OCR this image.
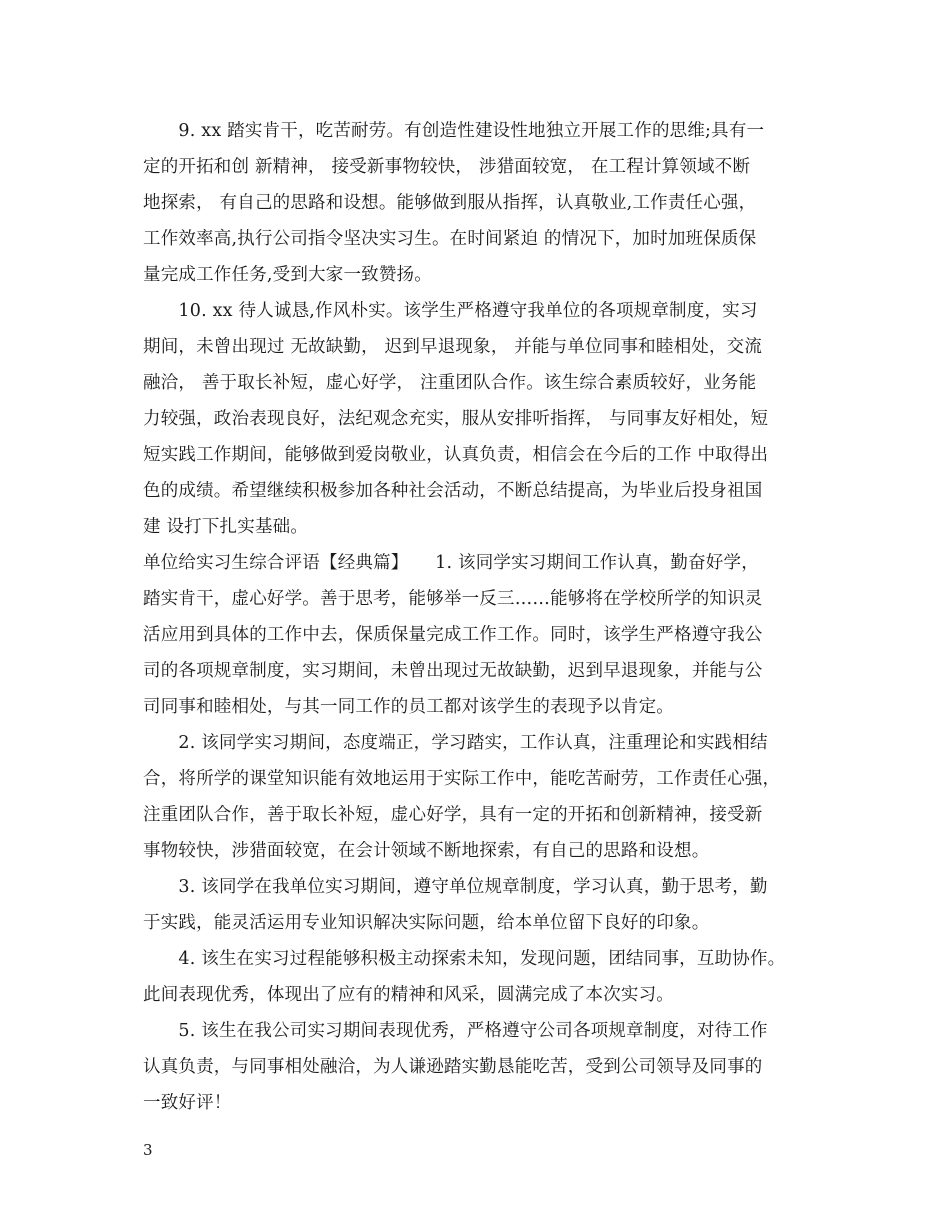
　　9. xx 踏实肯干，吃苦耐劳。有创造性建设性地独立开展工作的思维;具有一
定的开拓和创 新精神， 接受新事物较快， 涉猎面较宽， 在工程计算领域不断
地探索， 有自己的思路和设想。能够做到服从指挥，认真敬业,工作责任心强，
工作效率高,执行公司指令坚决实习生。在时间紧迫 的情况下，加时加班保质保
量完成工作任务,受到大家一致赞扬。
　　10. xx 待人诚恳,作风朴实。该学生严格遵守我单位的各项规章制度，实习
期间，未曾出现过 无故缺勤， 迟到早退现象， 并能与单位同事和睦相处，交流
融洽， 善于取长补短，虚心好学， 注重团队合作。该生综合素质较好，业务能
力较强，政治表现良好，法纪观念充实，服从安排听指挥， 与同事友好相处，短
短实践工作期间，能够做到爱岗敬业，认真负责，相信会在今后的工作 中取得出
色的成绩。希望继续积极参加各种社会活动，不断总结提高，为毕业后投身祖国
建 设打下扎实基础。
单位给实习生综合评语【经典篇】　　1. 该同学实习期间工作认真，勤奋好学，
踏实肯干，虚心好学。善于思考，能够举一反三……能够将在学校所学的知识灵
活应用到具体的工作中去，保质保量完成工作工作。同时，该学生严格遵守我公
司的各项规章制度，实习期间，未曾出现过无故缺勤，迟到早退现象，并能与公
司同事和睦相处，与其一同工作的员工都对该学生的表现予以肯定。
　　2. 该同学实习期间，态度端正，学习踏实，工作认真，注重理论和实践相结
合，将所学的课堂知识能有效地运用于实际工作中，能吃苦耐劳，工作责任心强，
注重团队合作，善于取长补短，虚心好学，具有一定的开拓和创新精神，接受新
事物较快，涉猎面较宽，在会计领域不断地探索，有自己的思路和设想。
　　3. 该同学在我单位实习期间，遵守单位规章制度，学习认真，勤于思考，勤
于实践，能灵活运用专业知识解决实际问题，给本单位留下良好的印象。
　　4. 该生在实习过程能够积极主动探索未知，发现问题，团结同事，互助协作。
此间表现优秀，体现出了应有的精神和风采，圆满完成了本次实习。
　　5. 该生在我公司实习期间表现优秀，严格遵守公司各项规章制度，对待工作
认真负责，与同事相处融洽，为人谦逊踏实勤恳能吃苦，受到公司领导及同事的
一致好评！
3
